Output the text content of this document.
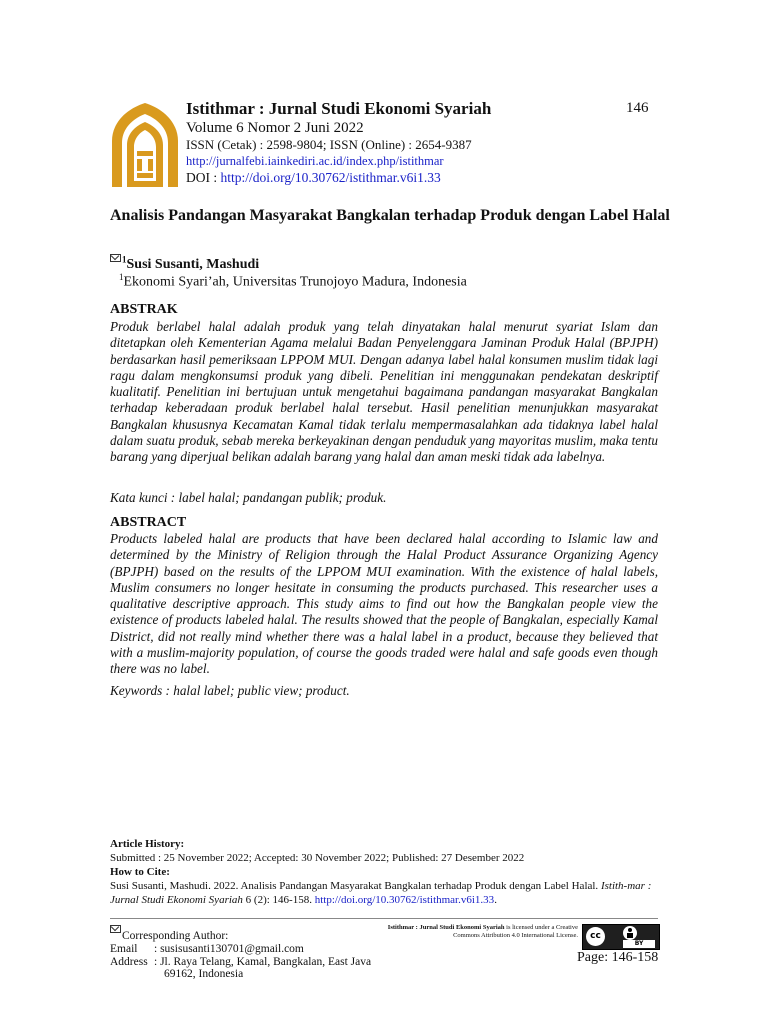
Istithmar : Jurnal Studi Ekonomi Syariah
Volume 6 Nomor 2 Juni 2022
ISSN (Cetak) : 2598-9804; ISSN (Online) : 2654-9387
http://jurnalfebi.iainkediri.ac.id/index.php/istithmar
DOI : http://doi.org/10.30762/istithmar.v6i1.33
146
Analisis Pandangan Masyarakat Bangkalan terhadap Produk dengan Label Halal
$^1$Susi Susanti, Mashudi
$^1$Ekonomi Syari’ah, Universitas Trunojoyo Madura, Indonesia
ABSTRAK
Produk berlabel halal adalah produk yang telah dinyatakan halal menurut syariat Islam dan ditetapkan oleh Kementerian Agama melalui Badan Penyelenggara Jaminan Produk Halal (BPJPH) berdasarkan hasil pemeriksaan LPPOM MUI. Dengan adanya label halal konsumen muslim tidak lagi ragu dalam mengkonsumsi produk yang dibeli. Penelitian ini menggunakan pendekatan deskriptif kualitatif. Penelitian ini bertujuan untuk mengetahui bagaimana pandangan masyarakat Bangkalan terhadap keberadaan produk berlabel halal tersebut. Hasil penelitian menunjukkan masyarakat Bangkalan khususnya Kecamatan Kamal tidak terlalu mempermasalahkan ada tidaknya label halal dalam suatu produk, sebab mereka berkeyakinan dengan penduduk yang mayoritas muslim, maka tentu barang yang diperjual belikan adalah barang yang halal dan aman meski tidak ada labelnya.
Kata kunci : label halal; pandangan publik; produk.
ABSTRACT
Products labeled halal are products that have been declared halal according to Islamic law and determined by the Ministry of Religion through the Halal Product Assurance Organizing Agency (BPJPH) based on the results of the LPPOM MUI examination. With the existence of halal labels, Muslim consumers no longer hesitate in consuming the products purchased. This researcher uses a qualitative descriptive approach. This study aims to find out how the Bangkalan people view the existence of products labeled halal. The results showed that the people of Bangkalan, especially Kamal District, did not really mind whether there was a halal label in a product, because they believed that with a muslim-majority population, of course the goods traded were halal and safe goods even though there was no label.
Keywords : halal label; public view; product.
Article History:
Submitted : 25 November 2022; Accepted: 30 November 2022; Published: 27 Desember 2022
How to Cite:
Susi Susanti, Mashudi. 2022. Analisis Pandangan Masyarakat Bangkalan terhadap Produk dengan Label Halal. Istith-mar : Jurnal Studi Ekonomi Syariah 6 (2): 146-158. http://doi.org/10.30762/istithmar.v6i1.33.
Corresponding Author:
Email	: susisusanti130701@gmail.com
Address	: Jl. Raya Telang, Kamal, Bangkalan, East Java
	69162, Indonesia
Istithmar : Jurnal Studi Ekonomi Syariah is licensed under a Creative Commons Attribution 4.0 International License.	cc
BY
Page: 146-158
